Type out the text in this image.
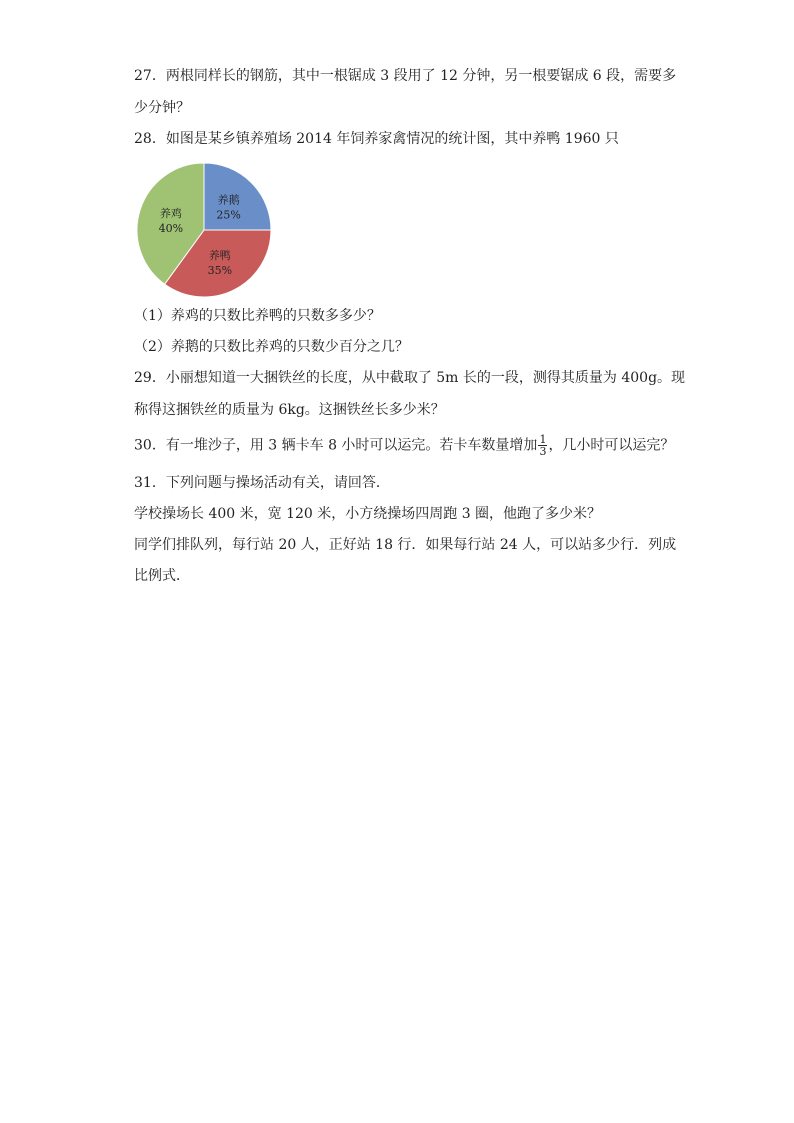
27．两根同样长的钢筋，其中一根锯成 3 段用了 12 分钟，另一根要锯成 6 段，需要多
少分钟？
28．如图是某乡镇养殖场 2014 年饲养家禽情况的统计图，其中养鸭 1960 只
养鹅
25%
养鸭
35%
养鸡
40%
（1）养鸡的只数比养鸭的只数多多少？
（2）养鹅的只数比养鸡的只数少百分之几？
29．小丽想知道一大捆铁丝的长度，从中截取了 5m 长的一段，测得其质量为 400g。现
称得这捆铁丝的质量为 6kg。这捆铁丝长多少米？
30．有一堆沙子，用 3 辆卡车 8 小时可以运完。若卡车数量增加 $\frac{1}{3}$ ，几小时可以运完？
31．下列问题与操场活动有关，请回答．
学校操场长 400 米，宽 120 米，小方绕操场四周跑 3 圈，他跑了多少米？
同学们排队列，每行站 20 人，正好站 18 行．如果每行站 24 人，可以站多少行．列成
比例式．
